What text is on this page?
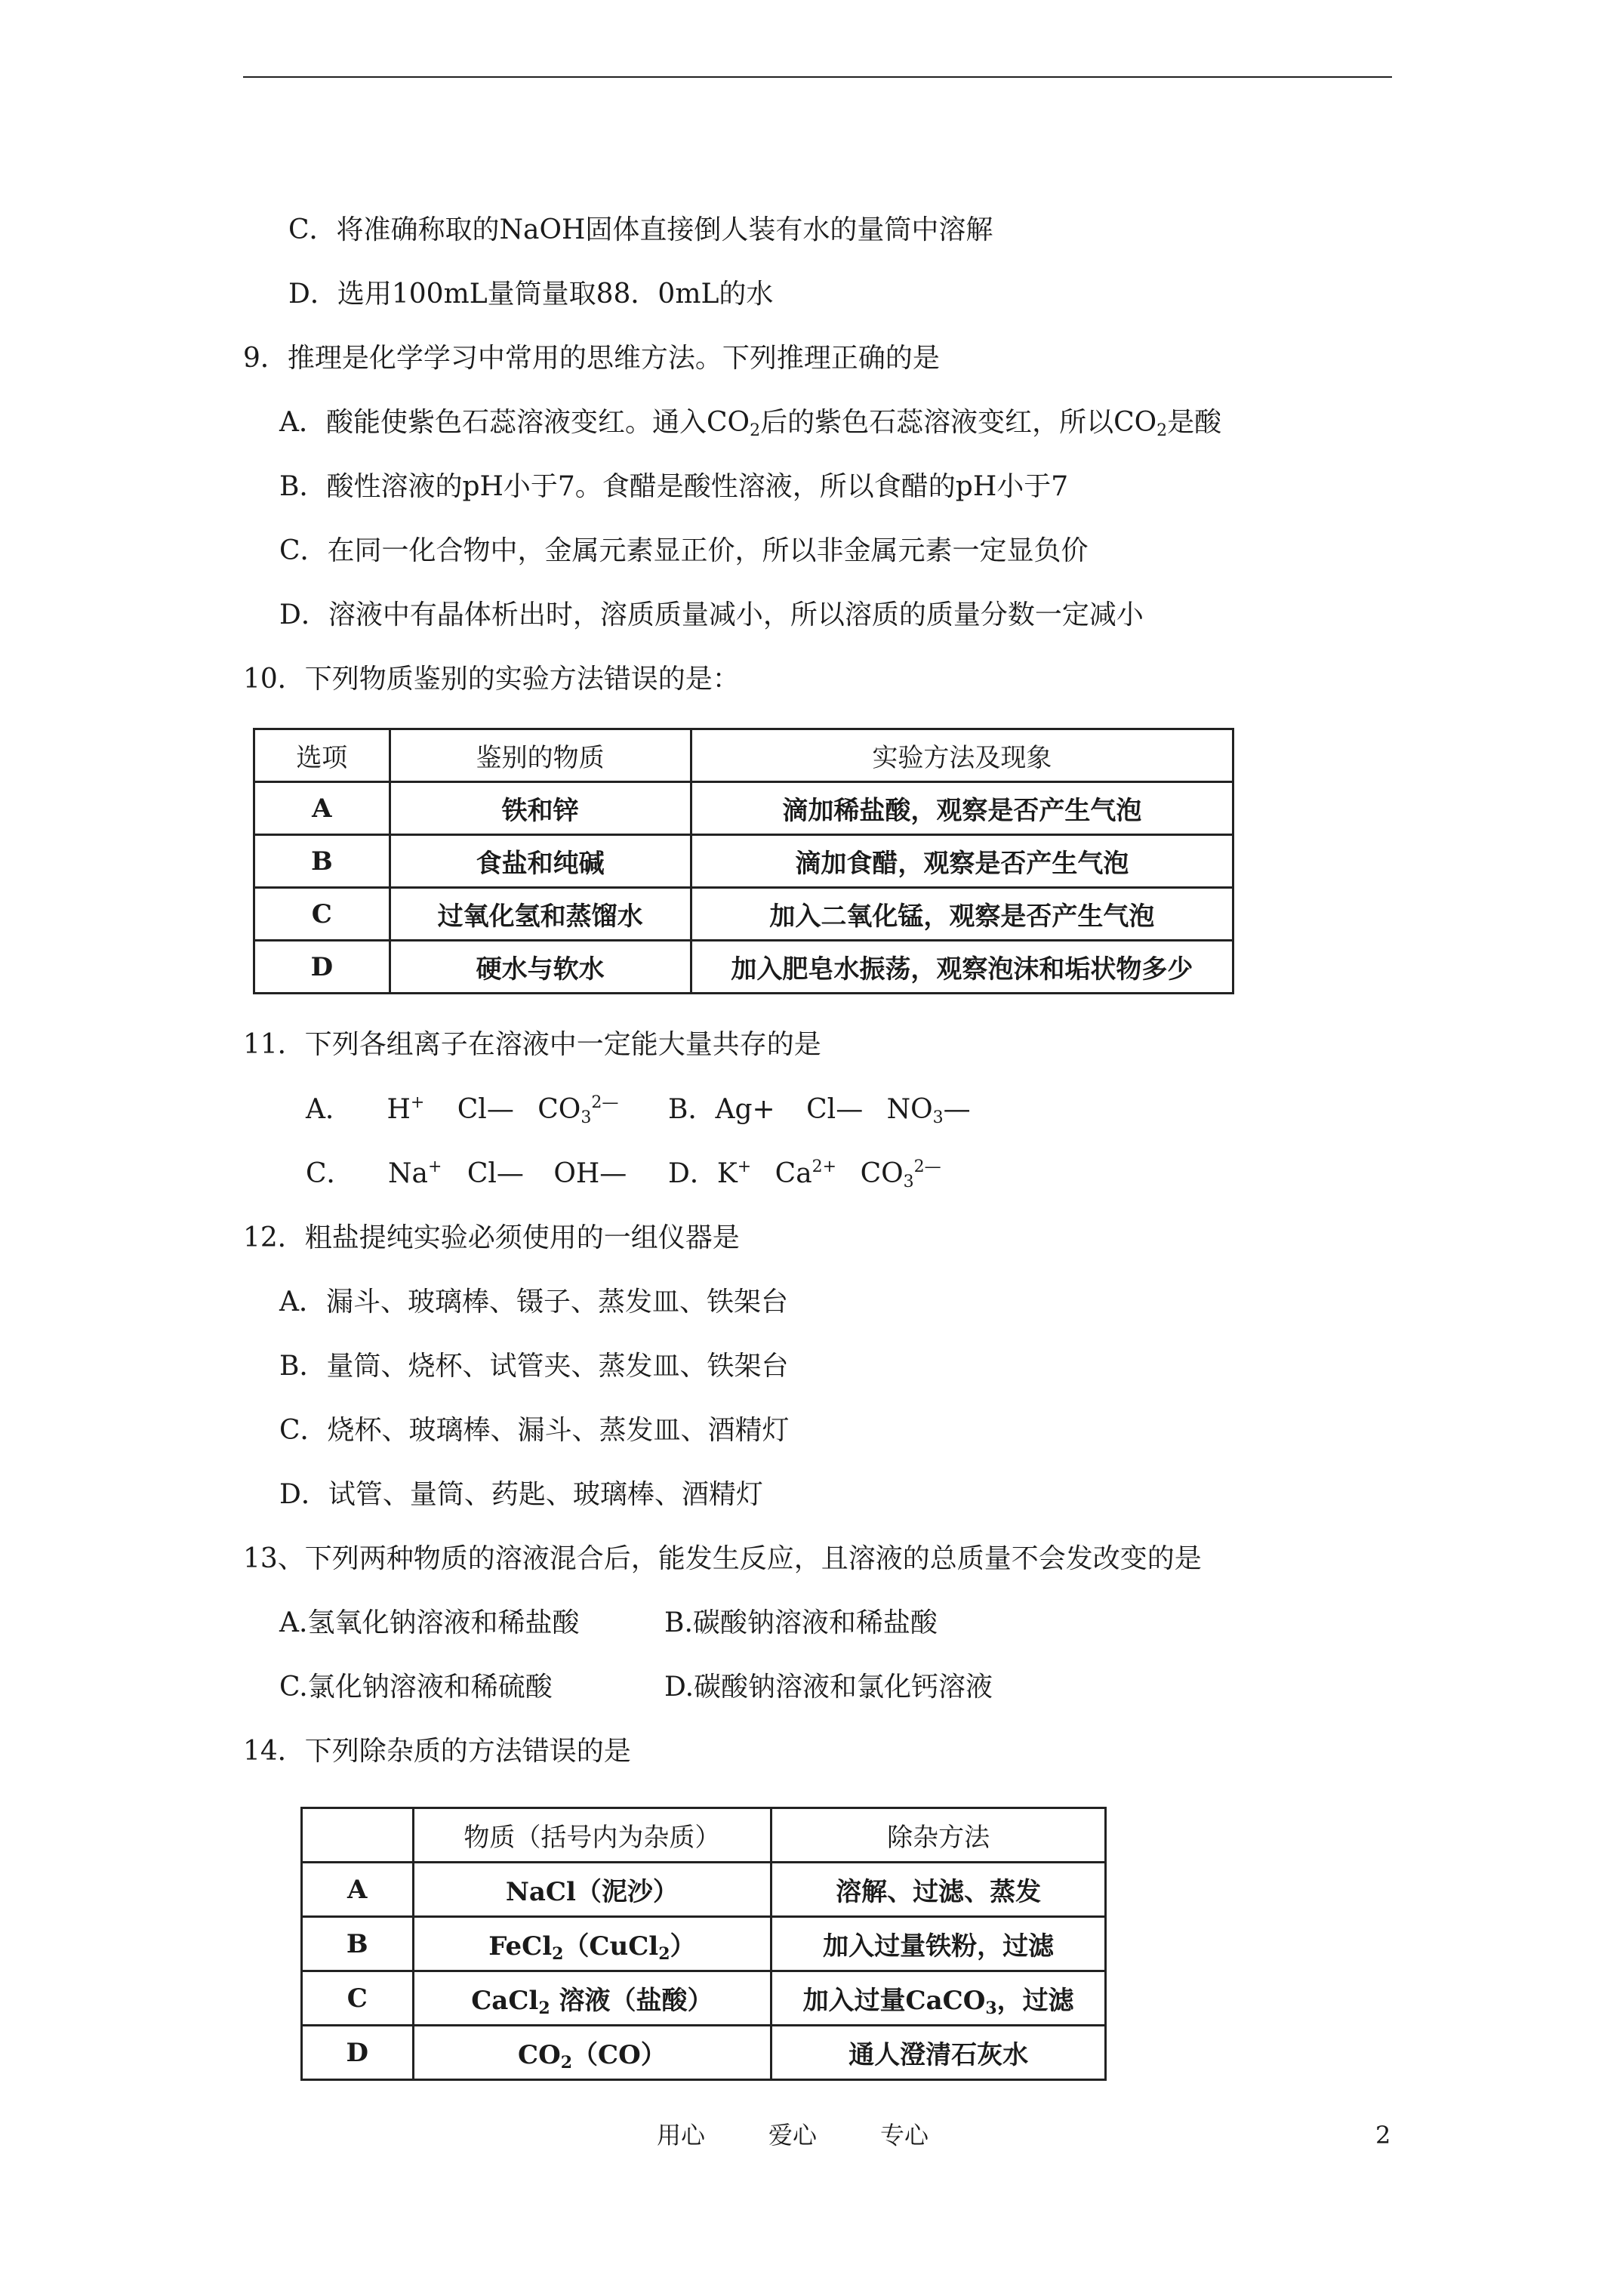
C．将准确称取的NaOH固体直接倒人装有水的量筒中溶解
D．选用100mL量筒量取88．0mL的水
9．推理是化学学习中常用的思维方法。下列推理正确的是
A．酸能使紫色石蕊溶液变红。通入$CO_2$后的紫色石蕊溶液变红，所以$CO_2$是酸
B．酸性溶液的pH小于7。食醋是酸性溶液，所以食醋的pH小于7
C．在同一化合物中，金属元素显正价，所以非金属元素一定显负价
D．溶液中有晶体析出时，溶质质量减小，所以溶质的质量分数一定减小
10．下列物质鉴别的实验方法错误的是：
选项	鉴别的物质	实验方法及现象
A	铁和锌	滴加稀盐酸，观察是否产生气泡
B	食盐和纯碱	滴加食醋，观察是否产生气泡
C	过氧化氢和蒸馏水	加入二氧化锰，观察是否产生气泡
D	硬水与软水	加入肥皂水振荡，观察泡沫和垢状物多少
11．下列各组离子在溶液中一定能大量共存的是
A． H+ Cl— $CO_3^{2—}$ B．Ag+ Cl— $NO_3—$
C． Na+ Cl— OH— D．K+ $Ca^{2+}$ $CO_3^{2—}$
12．粗盐提纯实验必须使用的一组仪器是
A．漏斗、玻璃棒、镊子、蒸发皿、铁架台
B．量筒、烧杯、试管夹、蒸发皿、铁架台
C．烧杯、玻璃棒、漏斗、蒸发皿、酒精灯
D．试管、量筒、药匙、玻璃棒、酒精灯
13、下列两种物质的溶液混合后，能发生反应，且溶液的总质量不会发改变的是
A.氢氧化钠溶液和稀盐酸	B.碳酸钠溶液和稀盐酸
C.氯化钠溶液和稀硫酸	D.碳酸钠溶液和氯化钙溶液
14．下列除杂质的方法错误的是
	物质（括号内为杂质）	除杂方法
A	NaCl（泥沙）	溶解、过滤、蒸发
B	FeCl$_2$（CuCl$_2$）	加入过量铁粉，过滤
C	CaCl$_2$ 溶液（盐酸）	加入过量CaCO$_3$，过滤
D	$CO_2(CO)$	通人澄清石灰水
用心	爱心	专心	2
